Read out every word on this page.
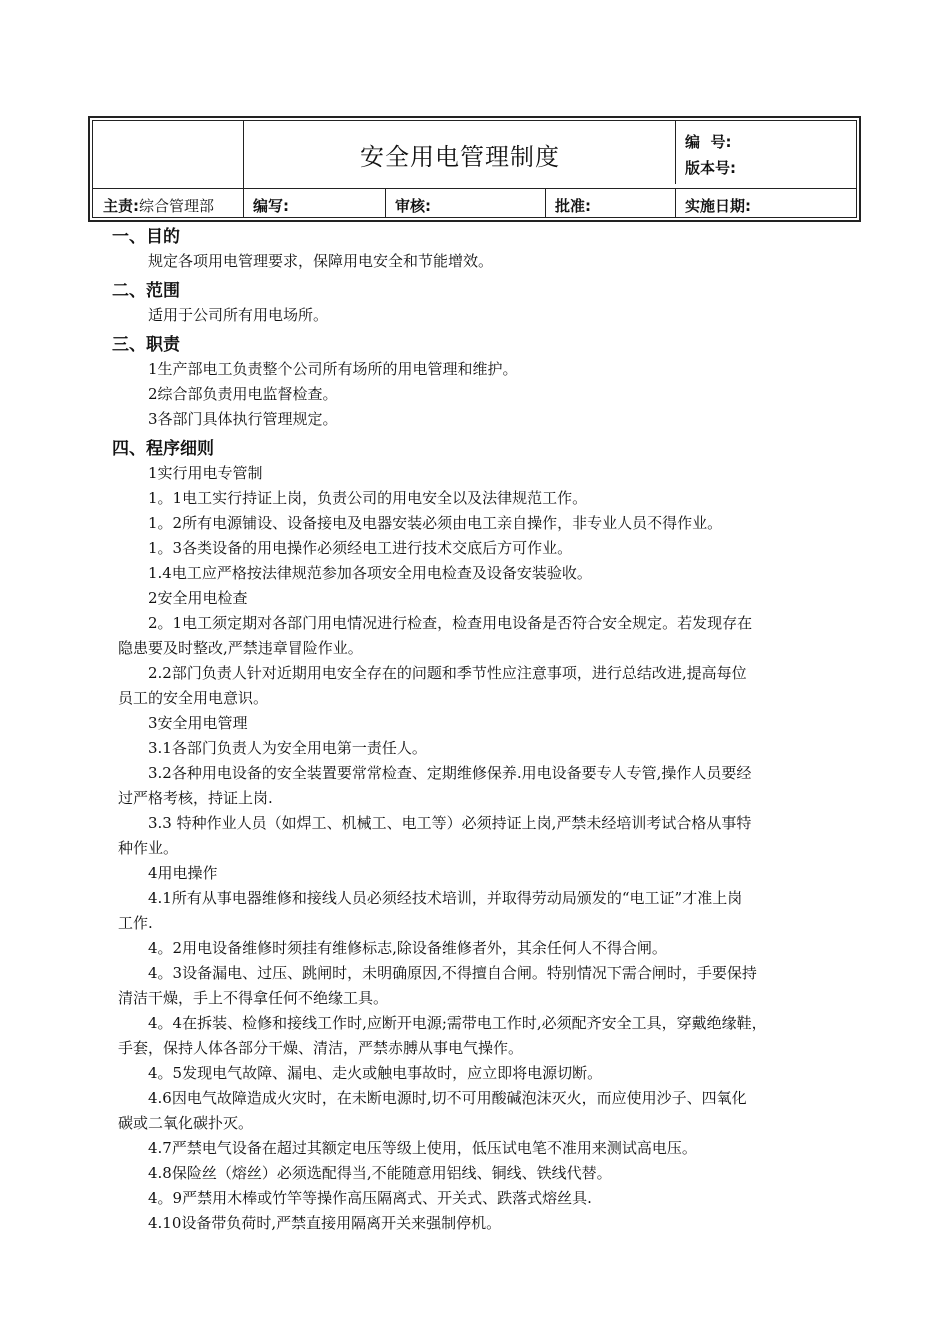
安全用电管理制度
编  号:
版本号:
主责: 综合管理部	编写:	审核:	批准:	实施日期:
一、目的
规定各项用电管理要求，保障用电安全和节能增效。
二、范围
适用于公司所有用电场所。
三、职责
1生产部电工负责整个公司所有场所的用电管理和维护。
2综合部负责用电监督检查。
3各部门具体执行管理规定。
四、程序细则
1实行用电专管制
1。1电工实行持证上岗，负责公司的用电安全以及法律规范工作。
1。2所有电源铺设、设备接电及电器安装必须由电工亲自操作，非专业人员不得作业。
1。3各类设备的用电操作必须经电工进行技术交底后方可作业。
1.4电工应严格按法律规范参加各项安全用电检查及设备安装验收。
2安全用电检查
2。1电工须定期对各部门用电情况进行检查，检查用电设备是否符合安全规定。若发现存在
隐患要及时整改,严禁违章冒险作业。
2.2部门负责人针对近期用电安全存在的问题和季节性应注意事项，进行总结改进,提高每位
员工的安全用电意识。
3安全用电管理
3.1各部门负责人为安全用电第一责任人。
3.2各种用电设备的安全装置要常常检查、定期维修保养.用电设备要专人专管,操作人员要经
过严格考核，持证上岗.
3.3 特种作业人员（如焊工、机械工、电工等）必须持证上岗,严禁未经培训考试合格从事特
种作业。
4用电操作
4.1所有从事电器维修和接线人员必须经技术培训，并取得劳动局颁发的“电工证”才准上岗
工作.
4。2用电设备维修时须挂有维修标志,除设备维修者外，其余任何人不得合闸。
4。3设备漏电、过压、跳闸时，未明确原因,不得擅自合闸。特别情况下需合闸时，手要保持
清洁干燥，手上不得拿任何不绝缘工具。
4。4在拆装、检修和接线工作时,应断开电源;需带电工作时,必须配齐安全工具，穿戴绝缘鞋，
手套，保持人体各部分干燥、清洁，严禁赤膊从事电气操作。
4。5发现电气故障、漏电、走火或触电事故时，应立即将电源切断。
4.6因电气故障造成火灾时，在未断电源时,切不可用酸碱泡沫灭火，而应使用沙子、四氧化
碳或二氧化碳扑灭。
4.7严禁电气设备在超过其额定电压等级上使用，低压试电笔不准用来测试高电压。
4.8保险丝（熔丝）必须选配得当,不能随意用铝线、铜线、铁线代替。
4。9严禁用木棒或竹竿等操作高压隔离式、开关式、跌落式熔丝具.
4.10设备带负荷时,严禁直接用隔离开关来强制停机。
